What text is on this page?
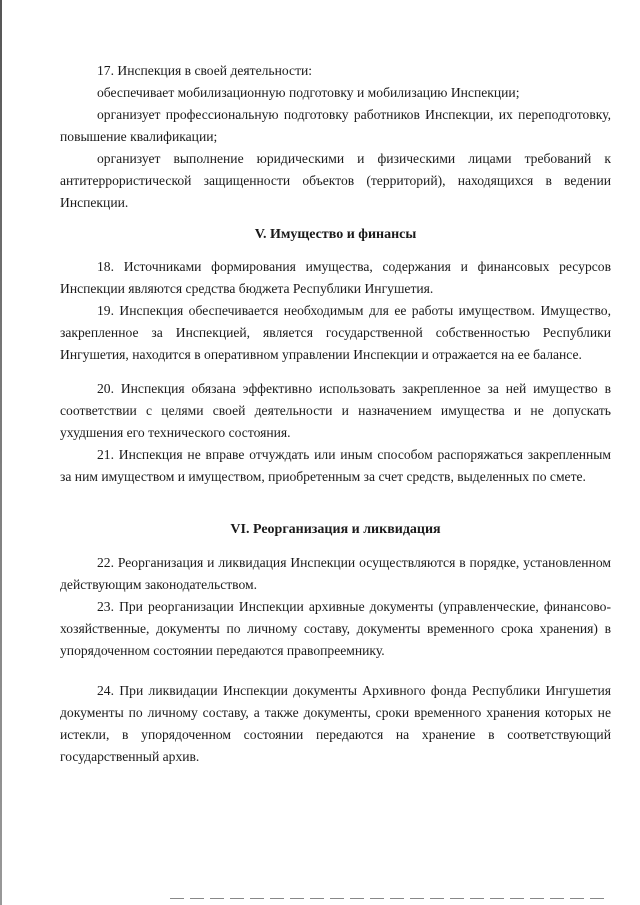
17. Инспекция в своей деятельности:

обеспечивает мобилизационную подготовку и мобилизацию Инспекции;

организует профессиональную подготовку работников Инспекции, их переподготовку, повышение квалификации;

организует выполнение юридическими и физическими лицами требований к антитеррористической защищенности объектов (территорий), находящихся в ведении Инспекции.

V. Имущество и финансы

18. Источниками формирования имущества, содержания и финансовых ресурсов Инспекции являются средства бюджета Республики Ингушетия.

19. Инспекция обеспечивается необходимым для ее работы имуществом. Имущество, закрепленное за Инспекцией, является государственной собственностью Республики Ингушетия, находится в оперативном управлении Инспекции и отражается на ее балансе.

20. Инспекция обязана эффективно использовать закрепленное за ней имущество в соответствии с целями своей деятельности и назначением имущества и не допускать ухудшения его технического состояния.

21. Инспекция не вправе отчуждать или иным способом распоряжаться закрепленным за ним имуществом и имуществом, приобретенным за счет средств, выделенных по смете.

VI. Реорганизация и ликвидация

22. Реорганизация и ликвидация Инспекции осуществляются в порядке, установленном действующим законодательством.

23. При реорганизации Инспекции архивные документы (управленческие, финансово-хозяйственные, документы по личному составу, документы временного срока хранения) в упорядоченном состоянии передаются правопреемнику.

24. При ликвидации Инспекции документы Архивного фонда Республики Ингушетия документы по личному составу, а также документы, сроки временного хранения которых не истекли, в упорядоченном состоянии передаются на хранение в соответствующий государственный архив.
